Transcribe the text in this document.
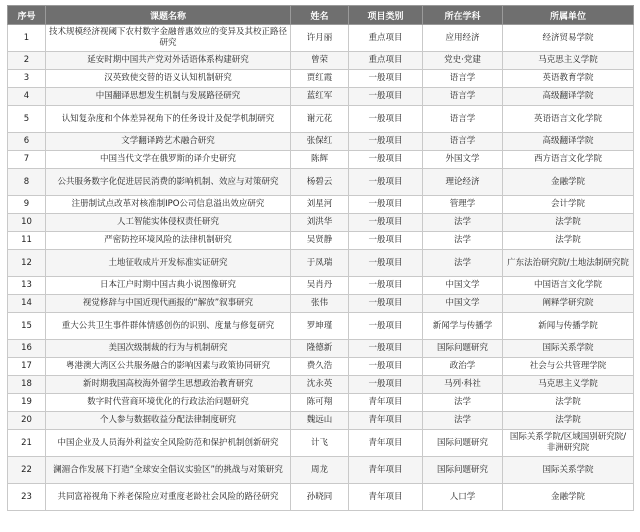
序号	课题名称	姓名	项目类别	所在学科	所属单位
1	技术规模经济视阈下农村数字金融普惠效应的变异及其校正路径研究	许月丽	重点项目	应用经济	经济贸易学院
2	延安时期中国共产党对外话语体系构建研究	曾荣	重点项目	党史·党建	马克思主义学院
3	汉英致使交替的语义认知机制研究	贾红霞	一般项目	语言学	英语教育学院
4	中国翻译思想发生机制与发展路径研究	蓝红军	一般项目	语言学	高级翻译学院
5	认知复杂度和个体差异视角下的任务设计及促学机制研究	谢元花	一般项目	语言学	英语语言文化学院
6	文学翻译跨艺术融合研究	张保红	一般项目	语言学	高级翻译学院
7	中国当代文学在俄罗斯的译介史研究	陈辉	一般项目	外国文学	西方语言文化学院
8	公共服务数字化促进居民消费的影响机制、效应与对策研究	杨碧云	一般项目	理论经济	金融学院
9	注册制试点改革对核准制IPO公司信息溢出效应研究	刘星河	一般项目	管理学	会计学院
10	人工智能实体侵权责任研究	刘洪华	一般项目	法学	法学院
11	严密防控环境风险的法律机制研究	吴贤静	一般项目	法学	法学院
12	土地征收成片开发标准实证研究	于凤瑞	一般项目	法学	广东法治研究院/土地法制研究院
13	日本江户时期中国古典小说图像研究	吴肖丹	一般项目	中国文学	中国语言文化学院
14	视觉修辞与中国近现代画报的“解放”叙事研究	张伟	一般项目	中国文学	阐释学研究院
15	重大公共卫生事件群体情感创伤的识别、度量与修复研究	罗坤瑾	一般项目	新闻学与传播学	新闻与传播学院
16	美国次级制裁的行为与机制研究	隆德新	一般项目	国际问题研究	国际关系学院
17	粤港澳大湾区公共服务融合的影响因素与政策协同研究	费久浩	一般项目	政治学	社会与公共管理学院
18	新时期我国高校海外留学生思想政治教育研究	沈永英	一般项目	马列·科社	马克思主义学院
19	数字时代营商环境优化的行政法治问题研究	陈可翔	青年项目	法学	法学院
20	个人参与数据收益分配法律制度研究	魏远山	青年项目	法学	法学院
21	中国企业及人员海外利益安全风险防范和保护机制创新研究	计飞	青年项目	国际问题研究	国际关系学院/区域国别研究院/非洲研究院
22	澜湄合作发展下打造“全球安全倡议实验区”的挑战与对策研究	周龙	青年项目	国际问题研究	国际关系学院
23	共同富裕视角下养老保险应对重度老龄社会风险的路径研究	孙晓同	青年项目	人口学	金融学院
